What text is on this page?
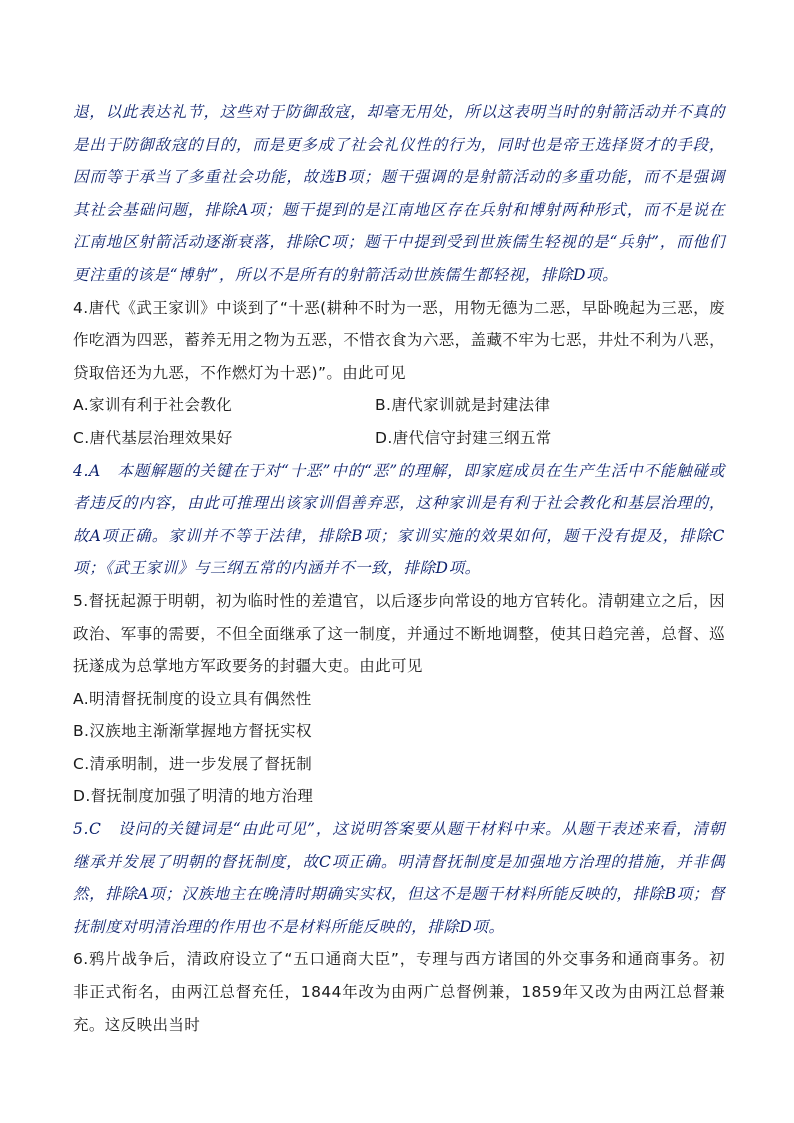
退，以此表达礼节，这些对于防御敌寇，却毫无用处，所以这表明当时的射箭活动并不真的是出于防御敌寇的目的，而是更多成了社会礼仪性的行为，同时也是帝王选择贤才的手段，因而等于承当了多重社会功能，故选B项；题干强调的是射箭活动的多重功能，而不是强调其社会基础问题，排除A项；题干提到的是江南地区存在兵射和博射两种形式，而不是说在江南地区射箭活动逐渐衰落，排除C项；题干中提到受到世族儒生轻视的是“兵射”，而他们更注重的该是“博射”，所以不是所有的射箭活动世族儒生都轻视，排除D项。

4.唐代《武王家训》中谈到了“十恶(耕种不时为一恶，用物无德为二恶，早卧晚起为三恶，废作吃酒为四恶，蓄养无用之物为五恶，不惜衣食为六恶，盖藏不牢为七恶，井灶不利为八恶，贷取倍还为九恶，不作燃灯为十恶)”。由此可见

A.家训有利于社会教化	B.唐代家训就是封建法律
C.唐代基层治理效果好	D.唐代信守封建三纲五常

4.A　本题解题的关键在于对“十恶”中的“恶”的理解，即家庭成员在生产生活中不能触碰或者违反的内容，由此可推理出该家训倡善弃恶，这种家训是有利于社会教化和基层治理的，故A项正确。家训并不等于法律，排除B项；家训实施的效果如何，题干没有提及，排除C项；《武王家训》与三纲五常的内涵并不一致，排除D项。

5.督抚起源于明朝，初为临时性的差遣官，以后逐步向常设的地方官转化。清朝建立之后，因政治、军事的需要，不但全面继承了这一制度，并通过不断地调整，使其日趋完善，总督、巡抚遂成为总掌地方军政要务的封疆大吏。由此可见

A.明清督抚制度的设立具有偶然性
B.汉族地主渐渐掌握地方督抚实权
C.清承明制，进一步发展了督抚制
D.督抚制度加强了明清的地方治理

5.C　设问的关键词是“由此可见”，这说明答案要从题干材料中来。从题干表述来看，清朝继承并发展了明朝的督抚制度，故C项正确。明清督抚制度是加强地方治理的措施，并非偶然，排除A项；汉族地主在晚清时期确实实权，但这不是题干材料所能反映的，排除B项；督抚制度对明清治理的作用也不是材料所能反映的，排除D项。

6.鸦片战争后，清政府设立了“五口通商大臣”，专理与西方诸国的外交事务和通商事务。初非正式衔名，由两江总督充任，1844年改为由两广总督例兼，1859年又改为由两江总督兼充。这反映出当时
